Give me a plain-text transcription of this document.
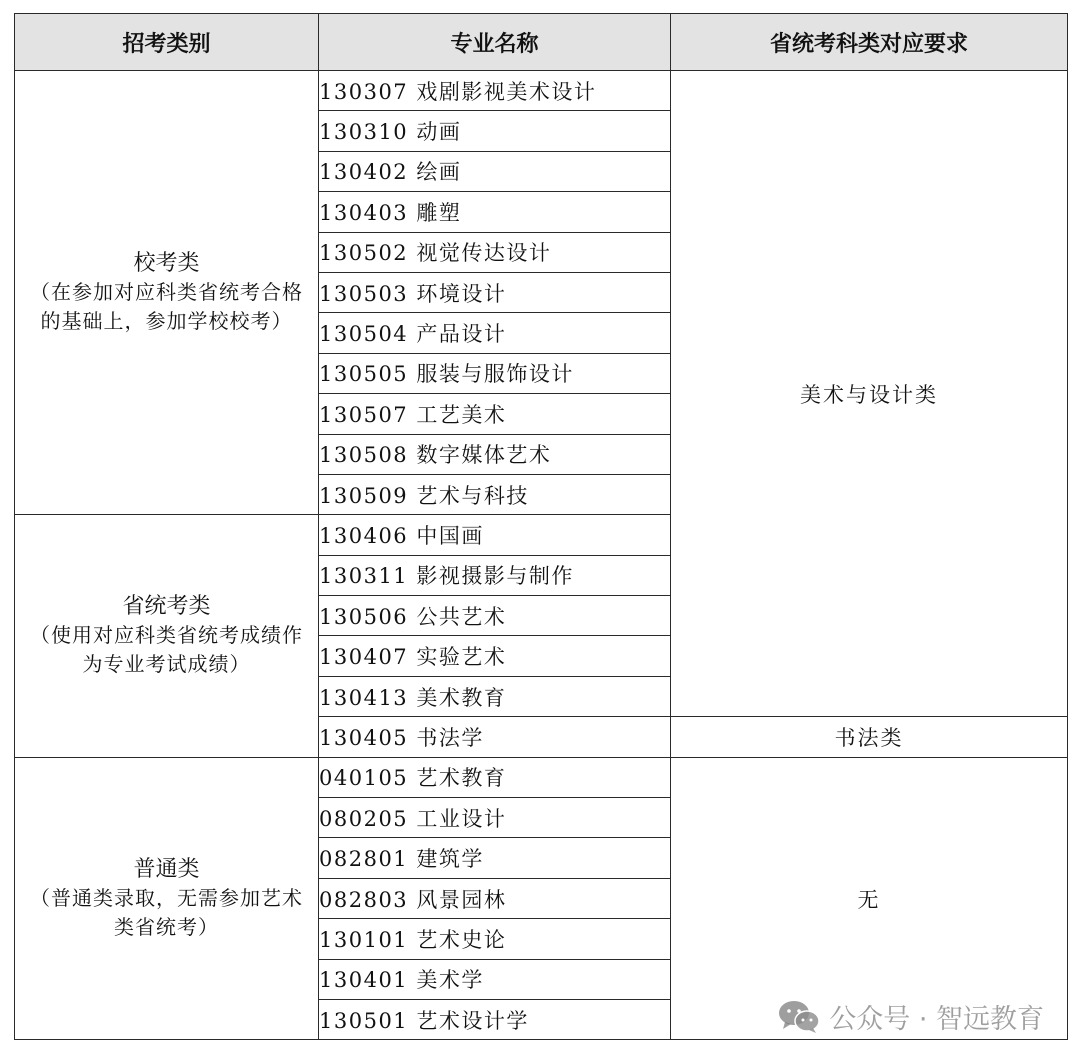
招考类别	专业名称	省统考科类对应要求

校考类
（在参加对应科类省统考合格的基础上，参加学校校考）	130307 戏剧影视美术设计	美术与设计类
	130310 动画	
	130402 绘画	
	130403 雕塑	
	130502 视觉传达设计	
	130503 环境设计	
	130504 产品设计	
	130505 服装与服饰设计	
	130507 工艺美术	
	130508 数字媒体艺术	
	130509 艺术与科技	

省统考类
（使用对应科类省统考成绩作为专业考试成绩）	130406 中国画	
	130311 影视摄影与制作	
	130506 公共艺术	
	130407 实验艺术	
	130413 美术教育	
	130405 书法学	书法类

普通类
（普通类录取，无需参加艺术类省统考）	040105 艺术教育	无
	080205 工业设计	
	082801 建筑学	
	082803 风景园林	
	130101 艺术史论	
	130401 美术学	
	130501 艺术设计学		公众号 · 智远教育
